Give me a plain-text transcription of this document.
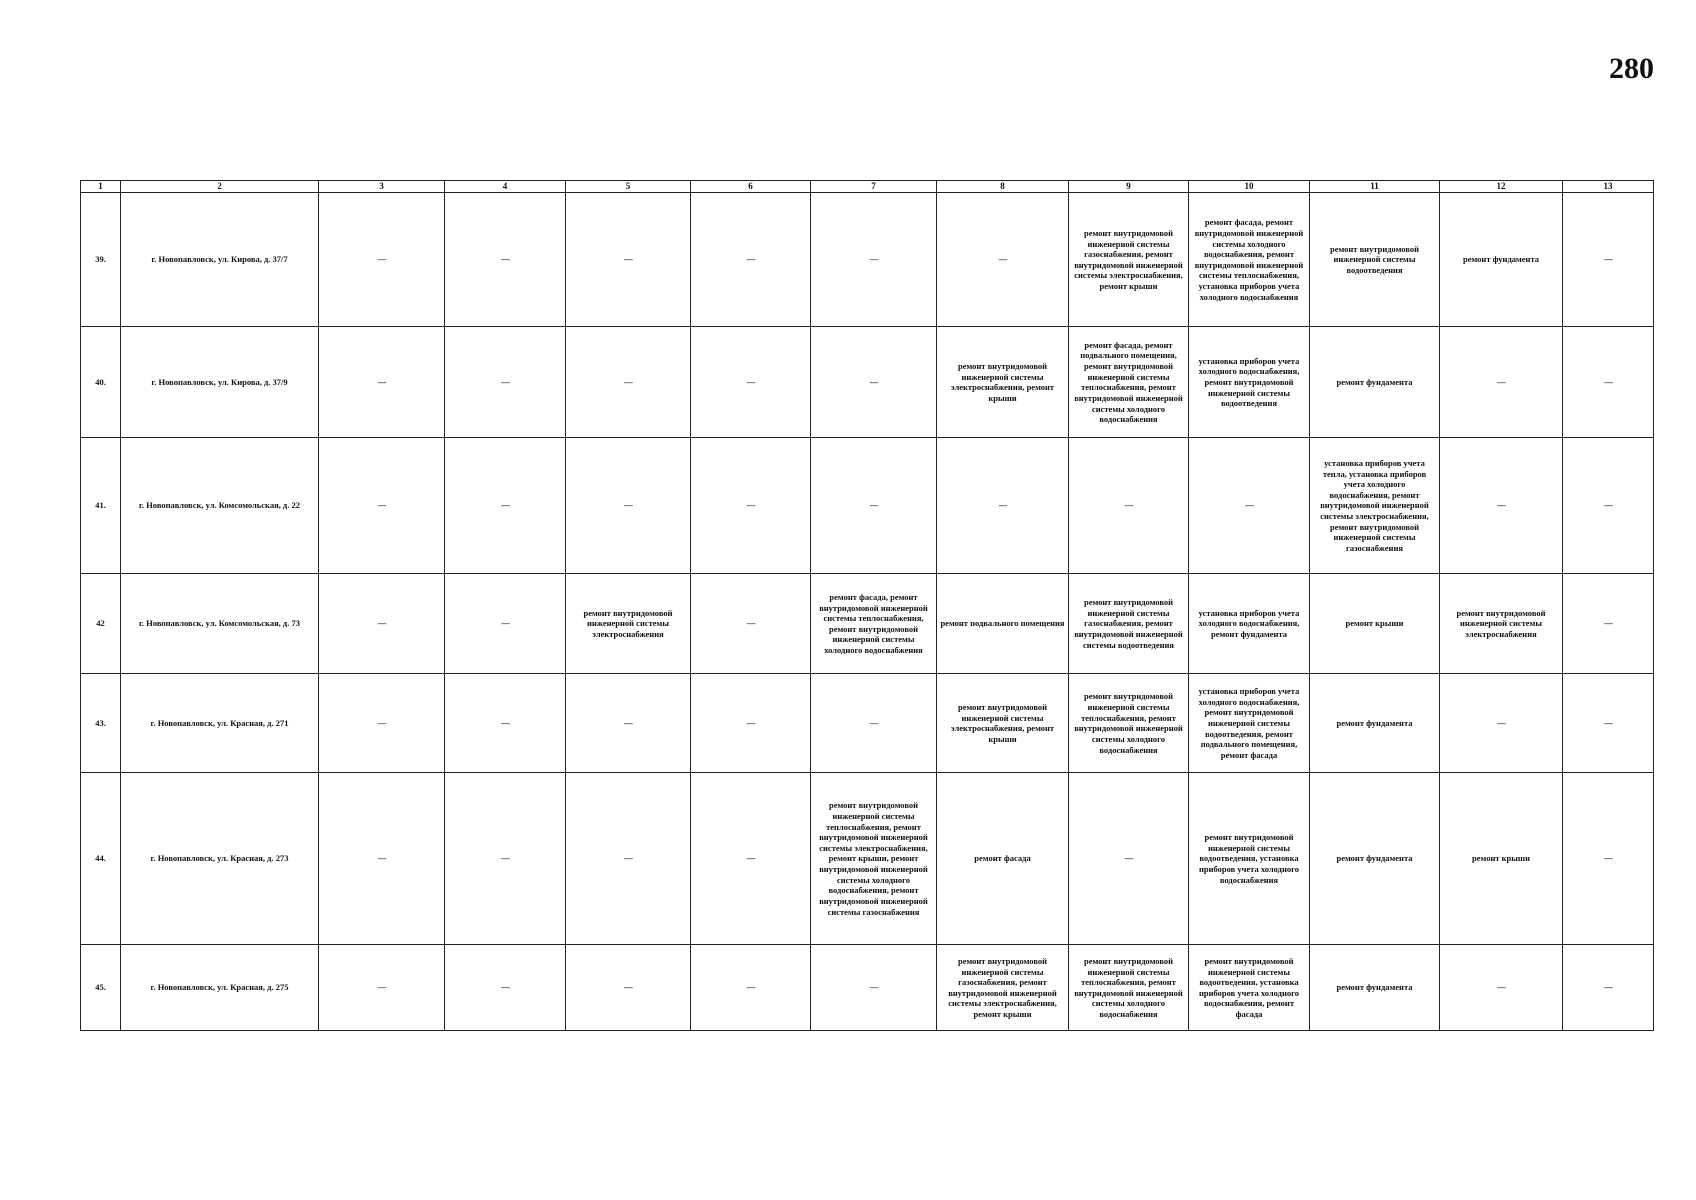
280
1	2	3	4	5	6	7	8	9	10	11	12	13
39.	г. Новопавловск, ул. Кирова, д. 37/7	—	—	—	—	—	—	ремонт внутридомовой инженерной системы газоснабжения, ремонт внутридомовой инженерной системы электроснабжения, ремонт крыши	ремонт фасада, ремонт внутридомовой инженерной системы холодного водоснабжения, ремонт внутридомовой инженерной системы теплоснабжения, установка приборов учета холодного водоснабжения	ремонт внутридомовой инженерной системы водоотведения	ремонт фундамента	—
40.	г. Новопавловск, ул. Кирова, д. 37/9	—	—	—	—	—	ремонт внутридомовой инженерной системы электроснабжения, ремонт крыши	ремонт фасада, ремонт подвального помещения, ремонт внутридомовой инженерной системы теплоснабжения, ремонт внутридомовой инженерной системы холодного водоснабжения	установка приборов учета холодного водоснабжения, ремонт внутридомовой инженерной системы водоотведения	ремонт фундамента	—	—
41.	г. Новопавловск, ул. Комсомольская, д. 22	—	—	—	—	—	—	—	—	установка приборов учета тепла, установка приборов учета холодного водоснабжения, ремонт внутридомовой инженерной системы электроснабжения, ремонт внутридомовой инженерной системы газоснабжения	—	—
42	г. Новопавловск, ул. Комсомольская, д. 73	—	—	ремонт внутридомовой инженерной системы электроснабжения	—	ремонт фасада, ремонт внутридомовой инженерной системы теплоснабжения, ремонт внутридомовой инженерной системы холодного водоснабжения	ремонт подвального помещения	ремонт внутридомовой инженерной системы газоснабжения, ремонт внутридомовой инженерной системы водоотведения	установка приборов учета холодного водоснабжения, ремонт фундамента	ремонт крыши	ремонт внутридомовой инженерной системы электроснабжения	—
43.	г. Новопавловск, ул. Красная, д. 271	—	—	—	—	—	ремонт внутридомовой инженерной системы электроснабжения, ремонт крыши	ремонт внутридомовой инженерной системы теплоснабжения, ремонт внутридомовой инженерной системы холодного водоснабжения	установка приборов учета холодного водоснабжения, ремонт внутридомовой инженерной системы водоотведения, ремонт подвального помещения, ремонт фасада	ремонт фундамента	—	—
44.	г. Новопавловск, ул. Красная, д. 273	—	—	—	—	ремонт внутридомовой инженерной системы теплоснабжения, ремонт внутридомовой инженерной системы электроснабжения, ремонт крыши, ремонт внутридомовой инженерной системы холодного водоснабжения, ремонт внутридомовой инженерной системы газоснабжения	ремонт фасада	—	ремонт внутридомовой инженерной системы водоотведения, установка приборов учета холодного водоснабжения	ремонт фундамента	ремонт крыши	—
45.	г. Новопавловск, ул. Красная, д. 275	—	—	—	—	—	ремонт внутридомовой инженерной системы газоснабжения, ремонт внутридомовой инженерной системы электроснабжения, ремонт крыши	ремонт внутридомовой инженерной системы теплоснабжения, ремонт внутридомовой инженерной системы холодного водоснабжения	ремонт внутридомовой инженерной системы водоотведения, установка приборов учета холодного водоснабжения, ремонт фасада	ремонт фундамента	—	—
